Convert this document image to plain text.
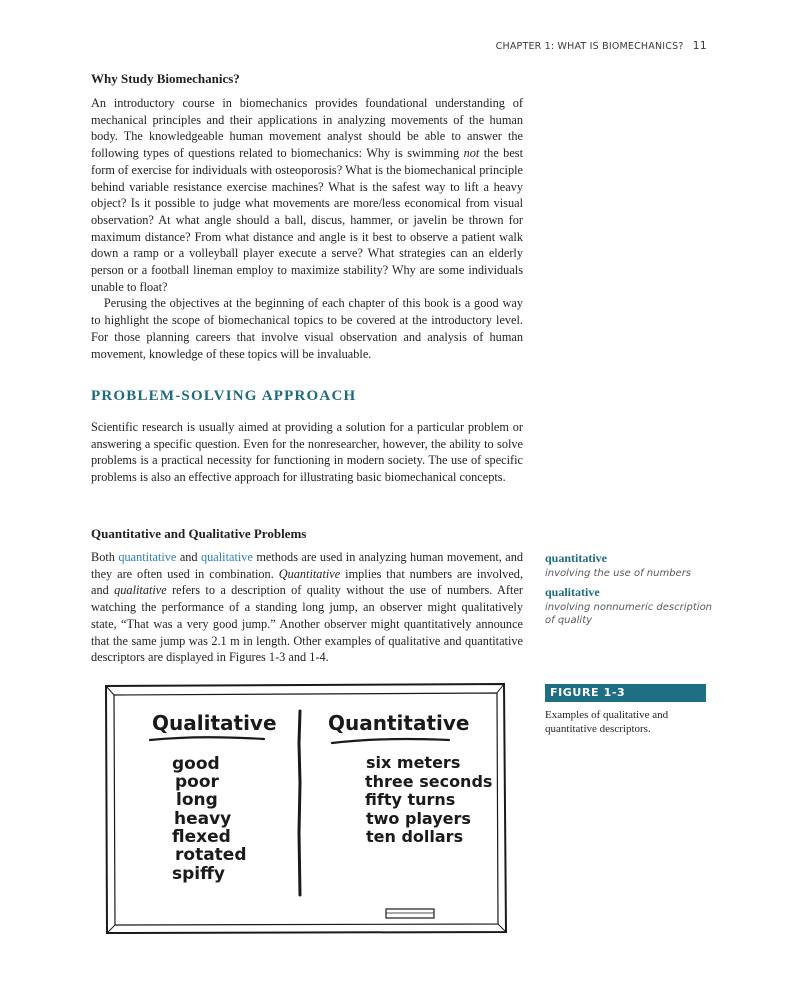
CHAPTER 1: WHAT IS BIOMECHANICS? 11
Why Study Biomechanics?

An introductory course in biomechanics provides foundational understanding of mechanical principles and their applications in analyzing movements of the human body. The knowledgeable human movement analyst should be able to answer the following types of questions related to biomechanics: Why is swimming not the best form of exercise for individuals with osteoporosis? What is the biomechanical principle behind variable resistance exercise machines? What is the safest way to lift a heavy object? Is it possible to judge what movements are more/less economical from visual observation? At what angle should a ball, discus, hammer, or javelin be thrown for maximum distance? From what distance and angle is it best to observe a patient walk down a ramp or a volleyball player execute a serve? What strategies can an elderly person or a football lineman employ to maximize stability? Why are some individuals unable to float?

Perusing the objectives at the beginning of each chapter of this book is a good way to highlight the scope of biomechanical topics to be covered at the introductory level. For those planning careers that involve visual observation and analysis of human movement, knowledge of these topics will be invaluable.

PROBLEM-SOLVING APPROACH

Scientific research is usually aimed at providing a solution for a particular problem or answering a specific question. Even for the nonresearcher, however, the ability to solve problems is a practical necessity for functioning in modern society. The use of specific problems is also an effective approach for illustrating basic biomechanical concepts.

Quantitative and Qualitative Problems

Both quantitative and qualitative methods are used in analyzing human movement, and they are often used in combination. Quantitative implies that numbers are involved, and qualitative refers to a description of quality without the use of numbers. After watching the performance of a standing long jump, an observer might qualitatively state, “That was a very good jump.” Another observer might quantitatively announce that the same jump was 2.1 m in length. Other examples of qualitative and quantitative descriptors are displayed in Figures 1-3 and 1-4.

quantitative

involving the use of numbers

qualitative

involving nonnumeric description of quality

FIGURE 1-3

Examples of qualitative and quantitative descriptors.

Qualitative	Quantitative
good
poor
long
heavy
flexed
rotated
spiffy
six meters
three seconds
fifty turns
two players
ten dollars
